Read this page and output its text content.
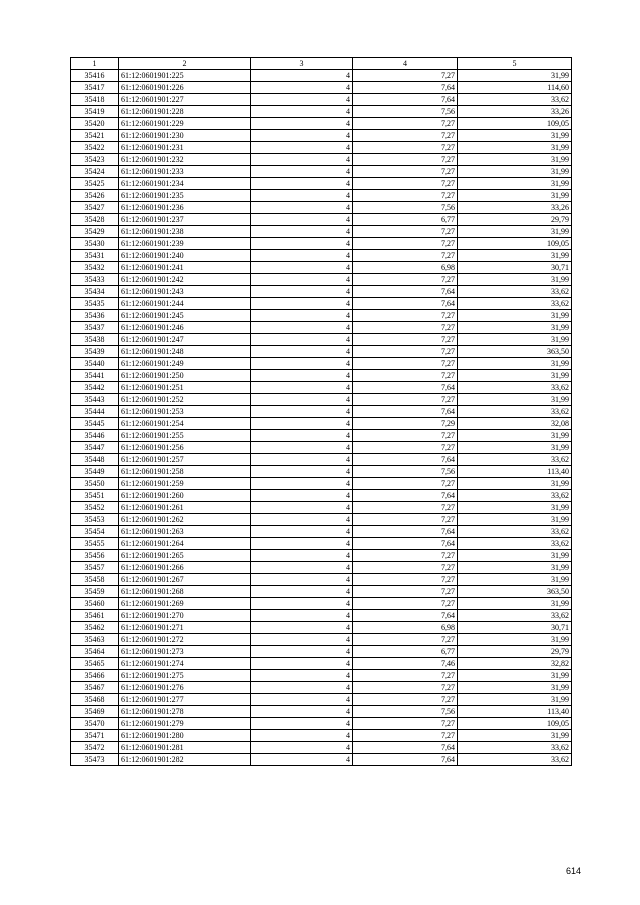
1	2	3	4	5
35416	61:12:0601901:225	4	7,27	31,99
35417	61:12:0601901:226	4	7,64	114,60
35418	61:12:0601901:227	4	7,64	33,62
35419	61:12:0601901:228	4	7,56	33,26
35420	61:12:0601901:229	4	7,27	109,05
35421	61:12:0601901:230	4	7,27	31,99
35422	61:12:0601901:231	4	7,27	31,99
35423	61:12:0601901:232	4	7,27	31,99
35424	61:12:0601901:233	4	7,27	31,99
35425	61:12:0601901:234	4	7,27	31,99
35426	61:12:0601901:235	4	7,27	31,99
35427	61:12:0601901:236	4	7,56	33,26
35428	61:12:0601901:237	4	6,77	29,79
35429	61:12:0601901:238	4	7,27	31,99
35430	61:12:0601901:239	4	7,27	109,05
35431	61:12:0601901:240	4	7,27	31,99
35432	61:12:0601901:241	4	6,98	30,71
35433	61:12:0601901:242	4	7,27	31,99
35434	61:12:0601901:243	4	7,64	33,62
35435	61:12:0601901:244	4	7,64	33,62
35436	61:12:0601901:245	4	7,27	31,99
35437	61:12:0601901:246	4	7,27	31,99
35438	61:12:0601901:247	4	7,27	31,99
35439	61:12:0601901:248	4	7,27	363,50
35440	61:12:0601901:249	4	7,27	31,99
35441	61:12:0601901:250	4	7,27	31,99
35442	61:12:0601901:251	4	7,64	33,62
35443	61:12:0601901:252	4	7,27	31,99
35444	61:12:0601901:253	4	7,64	33,62
35445	61:12:0601901:254	4	7,29	32,08
35446	61:12:0601901:255	4	7,27	31,99
35447	61:12:0601901:256	4	7,27	31,99
35448	61:12:0601901:257	4	7,64	33,62
35449	61:12:0601901:258	4	7,56	113,40
35450	61:12:0601901:259	4	7,27	31,99
35451	61:12:0601901:260	4	7,64	33,62
35452	61:12:0601901:261	4	7,27	31,99
35453	61:12:0601901:262	4	7,27	31,99
35454	61:12:0601901:263	4	7,64	33,62
35455	61:12:0601901:264	4	7,64	33,62
35456	61:12:0601901:265	4	7,27	31,99
35457	61:12:0601901:266	4	7,27	31,99
35458	61:12:0601901:267	4	7,27	31,99
35459	61:12:0601901:268	4	7,27	363,50
35460	61:12:0601901:269	4	7,27	31,99
35461	61:12:0601901:270	4	7,64	33,62
35462	61:12:0601901:271	4	6,98	30,71
35463	61:12:0601901:272	4	7,27	31,99
35464	61:12:0601901:273	4	6,77	29,79
35465	61:12:0601901:274	4	7,46	32,82
35466	61:12:0601901:275	4	7,27	31,99
35467	61:12:0601901:276	4	7,27	31,99
35468	61:12:0601901:277	4	7,27	31,99
35469	61:12:0601901:278	4	7,56	113,40
35470	61:12:0601901:279	4	7,27	109,05
35471	61:12:0601901:280	4	7,27	31,99
35472	61:12:0601901:281	4	7,64	33,62
35473	61:12:0601901:282	4	7,64	33,62
614
